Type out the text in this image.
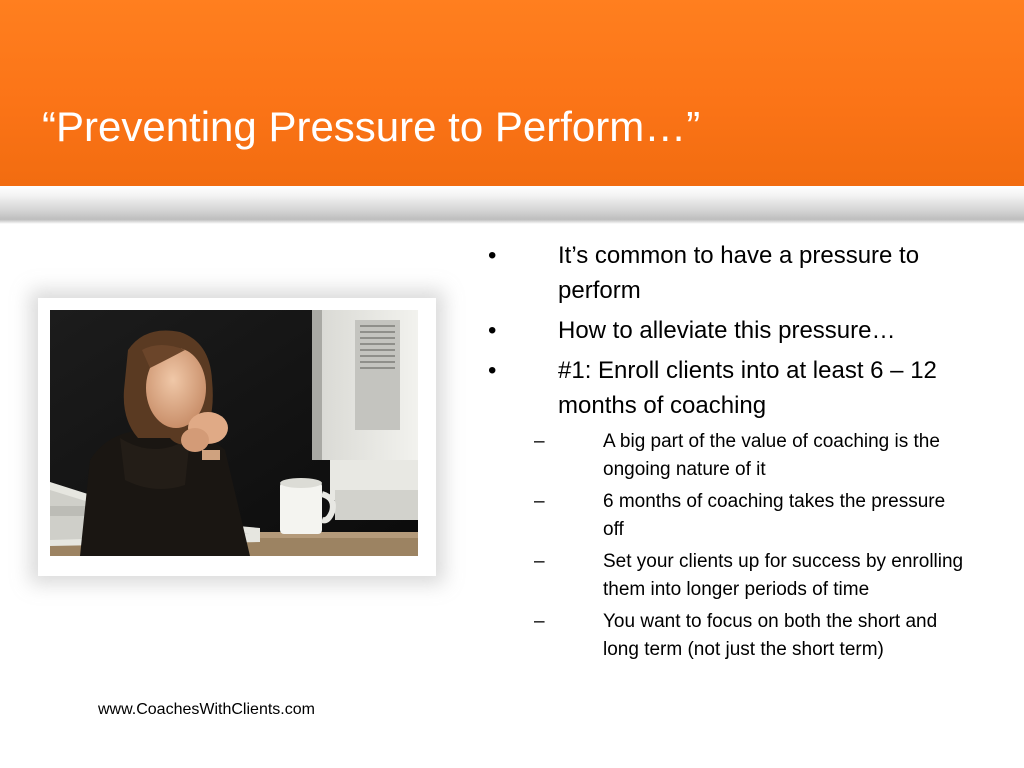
“Preventing Pressure to Perform…”
•	It’s common to have a pressure to perform
•	How to alleviate this pressure…
•	#1: Enroll clients into at least 6 – 12 months of coaching
–	A big part of the value of coaching is the ongoing nature of it
–	6 months of coaching takes the pressure off
–	Set your clients up for success by enrolling them into longer periods of time
–	You want to focus on both the short and long term (not just the short term)
www.CoachesWithClients.com
